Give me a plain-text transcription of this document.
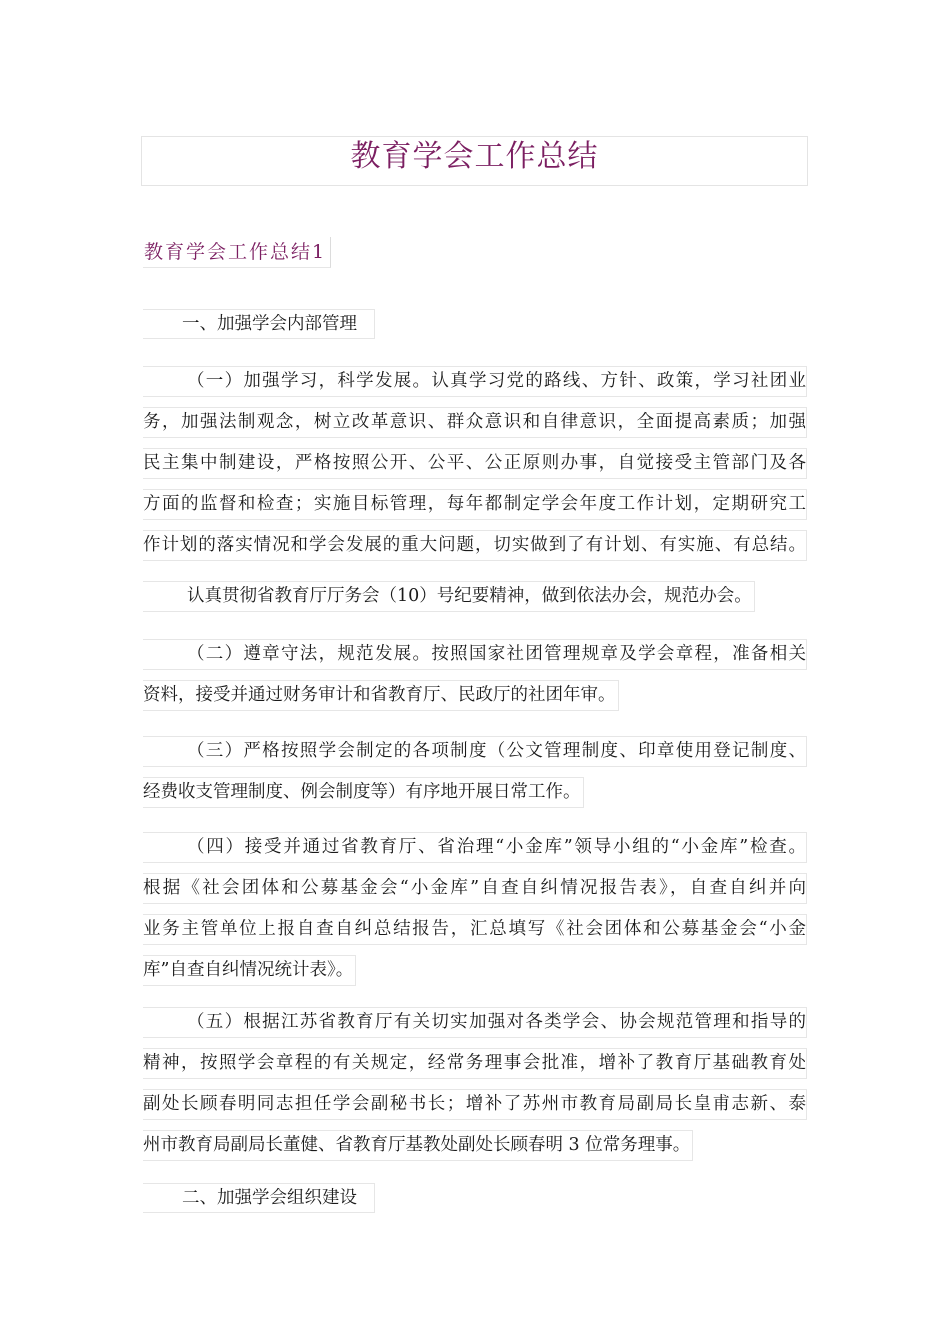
教育学会工作总结
教育学会工作总结1
一、加强学会内部管理
（一）加强学习，科学发展。认真学习党的路线、方针、政策，学习社团业
务，加强法制观念，树立改革意识、群众意识和自律意识，全面提高素质；加强
民主集中制建设，严格按照公开、公平、公正原则办事，自觉接受主管部门及各
方面的监督和检查；实施目标管理，每年都制定学会年度工作计划，定期研究工
作计划的落实情况和学会发展的重大问题，切实做到了有计划、有实施、有总结。
认真贯彻省教育厅厅务会（10）号纪要精神，做到依法办会，规范办会。
（二）遵章守法，规范发展。按照国家社团管理规章及学会章程，准备相关
资料，接受并通过财务审计和省教育厅、民政厅的社团年审。
（三）严格按照学会制定的各项制度（公文管理制度、印章使用登记制度、
经费收支管理制度、例会制度等）有序地开展日常工作。
（四）接受并通过省教育厅、省治理“小金库”领导小组的“小金库”检查。
根据《社会团体和公募基金会“小金库”自查自纠情况报告表》，自查自纠并向
业务主管单位上报自查自纠总结报告，汇总填写《社会团体和公募基金会“小金
库”自查自纠情况统计表》。
（五）根据江苏省教育厅有关切实加强对各类学会、协会规范管理和指导的
精神，按照学会章程的有关规定，经常务理事会批准，增补了教育厅基础教育处
副处长顾春明同志担任学会副秘书长；增补了苏州市教育局副局长皇甫志新、泰
州市教育局副局长董健、省教育厅基教处副处长顾春明 3 位常务理事。
二、加强学会组织建设
